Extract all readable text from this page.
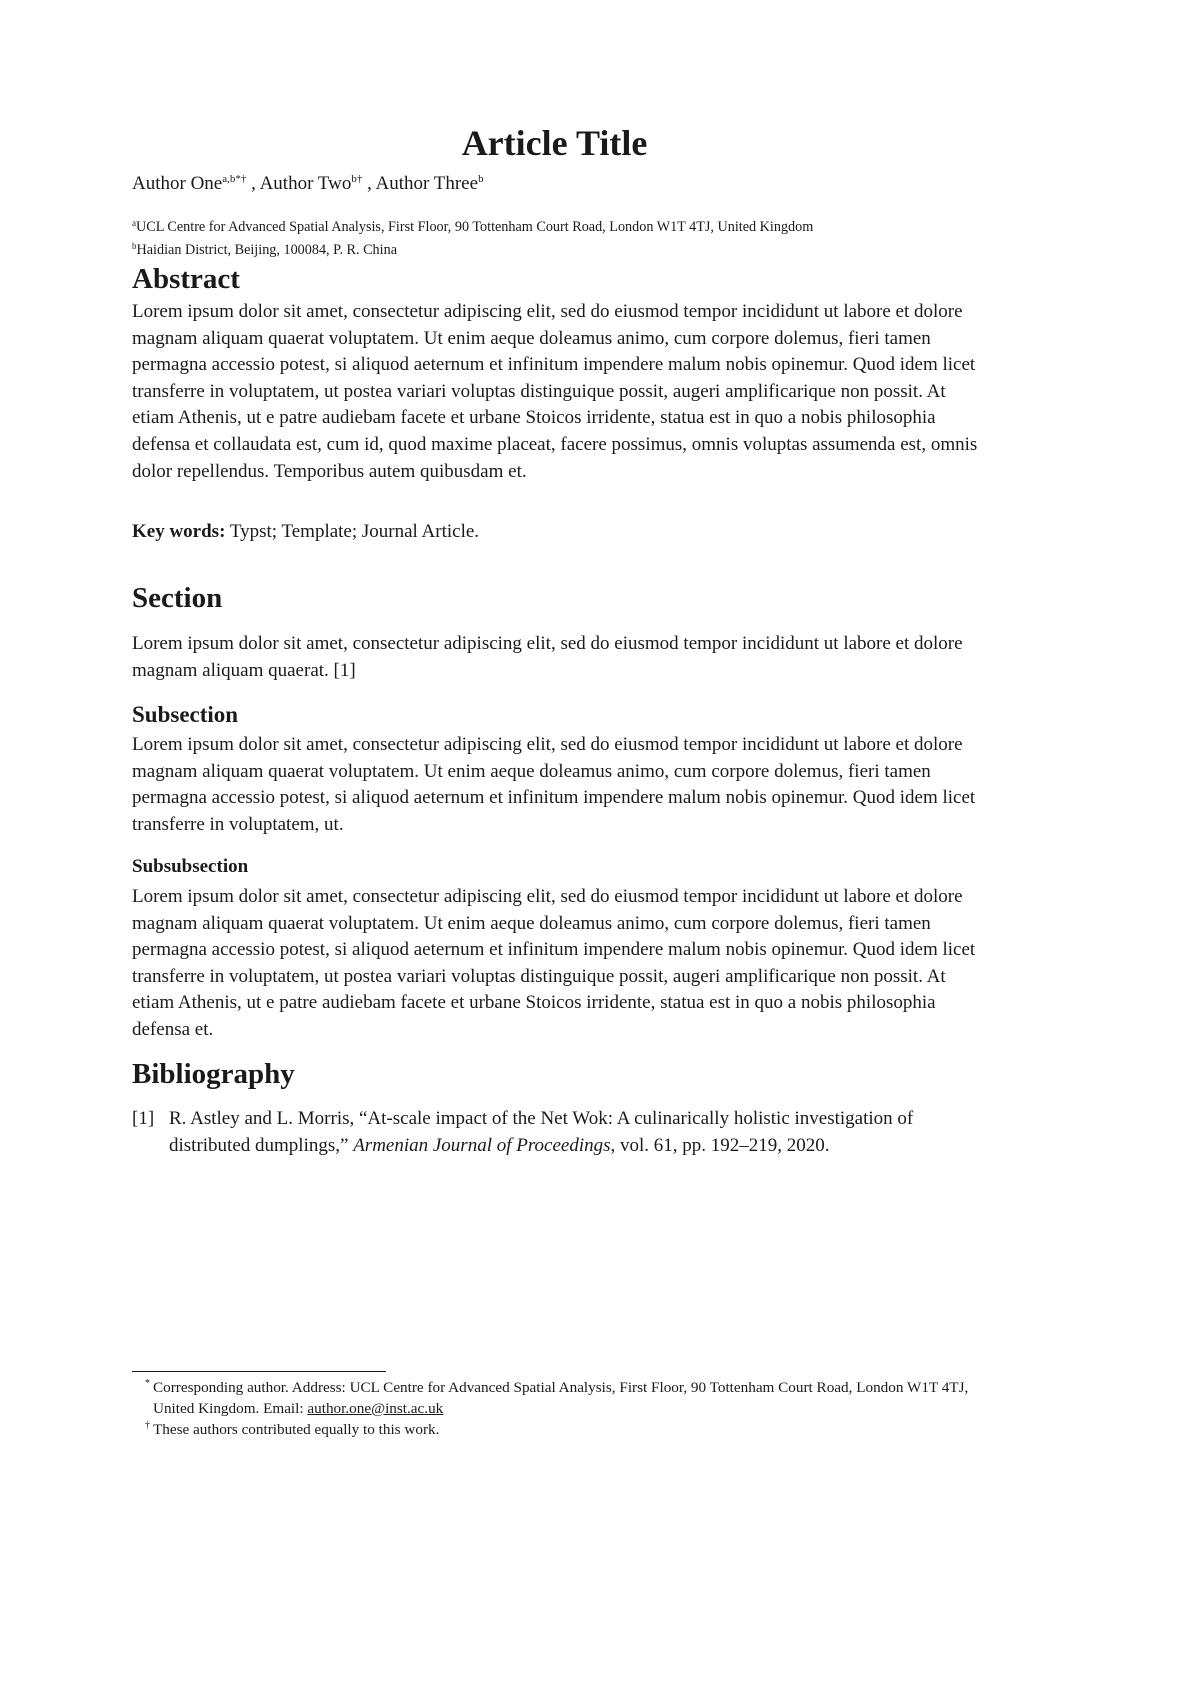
Article Title
Author One$^{a,b*\dagger}$ , Author Two$^{b\dagger}$ , Author Three$^b$
$^a$UCL Centre for Advanced Spatial Analysis, First Floor, 90 Tottenham Court Road, London W1T 4TJ, United Kingdom
$^b$Haidian District, Beijing, 100084, P. R. China
Abstract

Lorem ipsum dolor sit amet, consectetur adipiscing elit, sed do eiusmod tempor incididunt ut labore et dolore magnam aliquam quaerat voluptatem. Ut enim aeque doleamus animo, cum corpore dolemus, fieri tamen permagna accessio potest, si aliquod aeternum et infinitum impendere malum nobis opinemur. Quod idem licet transferre in voluptatem, ut postea variari voluptas distinguique possit, augeri amplificarique non possit. At etiam Athenis, ut e patre audiebam facete et urbane Stoicos irridente, statua est in quo a nobis philosophia defensa et collaudata est, cum id, quod maxime placeat, facere possimus, omnis voluptas assumenda est, omnis dolor repellendus. Temporibus autem quibusdam et.

Key words: Typst; Template; Journal Article.
Section

Lorem ipsum dolor sit amet, consectetur adipiscing elit, sed do eiusmod tempor incididunt ut labore et dolore magnam aliquam quaerat. [1]

Subsection

Lorem ipsum dolor sit amet, consectetur adipiscing elit, sed do eiusmod tempor incididunt ut labore et dolore magnam aliquam quaerat voluptatem. Ut enim aeque doleamus animo, cum corpore dolemus, fieri tamen permagna accessio potest, si aliquod aeternum et infinitum impendere malum nobis opinemur. Quod idem licet transferre in voluptatem, ut.

Subsubsection

Lorem ipsum dolor sit amet, consectetur adipiscing elit, sed do eiusmod tempor incididunt ut labore et dolore magnam aliquam quaerat voluptatem. Ut enim aeque doleamus animo, cum corpore dolemus, fieri tamen permagna accessio potest, si aliquod aeternum et infinitum impendere malum nobis opinemur. Quod idem licet transferre in voluptatem, ut postea variari voluptas distinguique possit, augeri amplificarique non possit. At etiam Athenis, ut e patre audiebam facete et urbane Stoicos irridente, statua est in quo a nobis philosophia defensa et.

Bibliography
[1] R. Astley and L. Morris, “At-scale impact of the Net Wok: A culinarically holistic investigation of distributed dumplings,” Armenian Journal of Proceedings, vol. 61, pp. 192–219, 2020.
* Corresponding author. Address: UCL Centre for Advanced Spatial Analysis, First Floor, 90 Tottenham Court Road, London W1T 4TJ, United Kingdom. Email: author.one@inst.ac.uk
† These authors contributed equally to this work.
